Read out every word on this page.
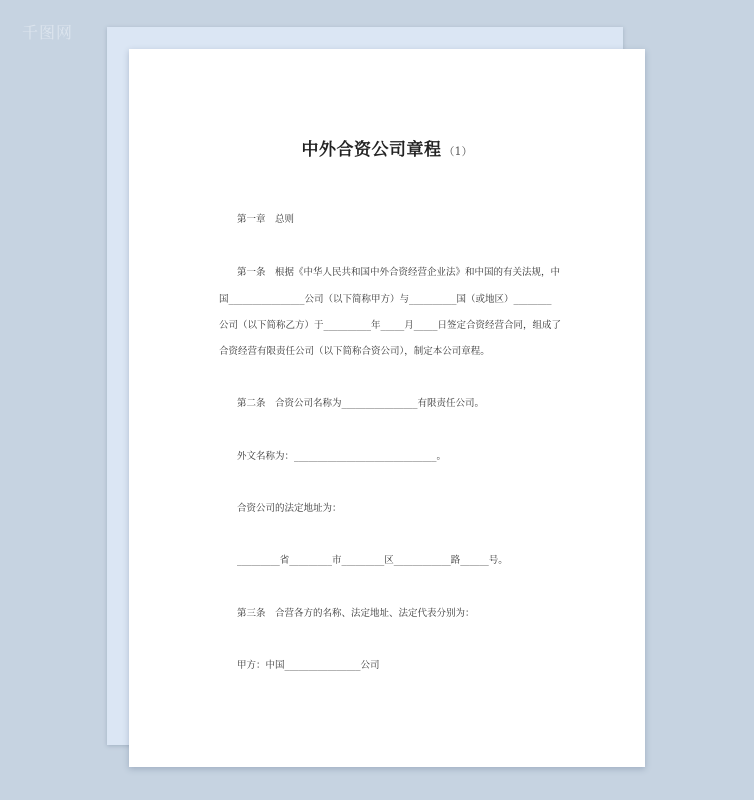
千图网
中外合资公司章程 （1）
第一章　总则
第一条　根据《中华人民共和国中外合资经营企业法》和中国的有关法规，中
国________________公司（以下简称甲方）与__________国（或地区）________
公司（以下简称乙方）于__________年_____月_____日签定合资经营合同，组成了
合资经营有限责任公司（以下简称合资公司），制定本公司章程。
第二条　合资公司名称为________________有限责任公司。
外文名称为：______________________________。
合资公司的法定地址为：
_________省_________市_________区____________路______号。
第三条　合营各方的名称、法定地址、法定代表分别为：
甲方：中国________________公司
